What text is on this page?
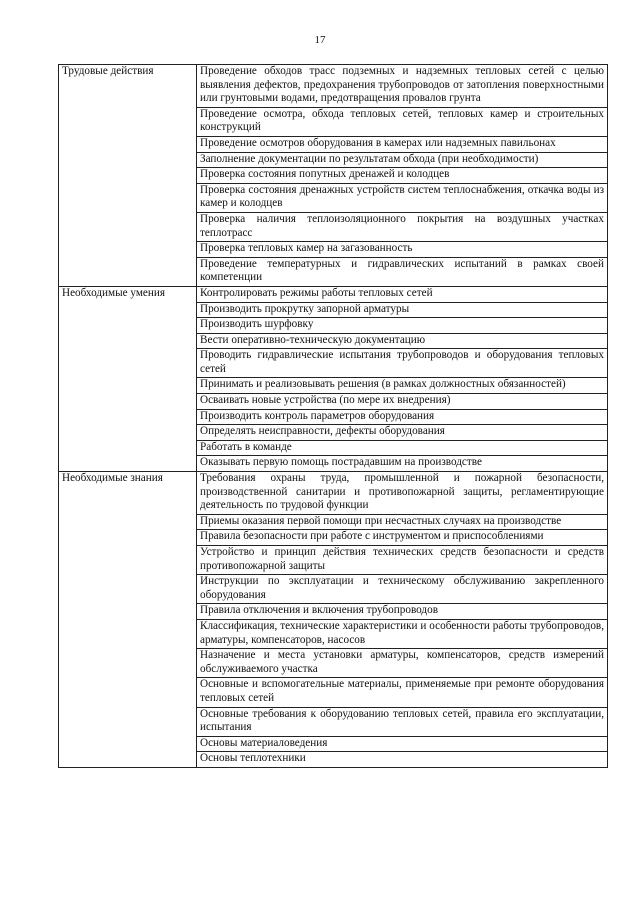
17
Трудовые действия	Проведение обходов трасс подземных и надземных тепловых сетей с целью выявления дефектов, предохранения трубопроводов от затопления поверхностными или грунтовыми водами, предотвращения провалов грунта
	Проведение осмотра, обхода тепловых сетей, тепловых камер и строительных конструкций
	Проведение осмотров оборудования в камерах или надземных павильонах
	Заполнение документации по результатам обхода (при необходимости)
	Проверка состояния попутных дренажей и колодцев
	Проверка состояния дренажных устройств систем теплоснабжения, откачка воды из камер и колодцев
	Проверка наличия теплоизоляционного покрытия на воздушных участках теплотрасс
	Проверка тепловых камер на загазованность
	Проведение температурных и гидравлических испытаний в рамках своей компетенции
Необходимые умения	Контролировать режимы работы тепловых сетей
	Производить прокрутку запорной арматуры
	Производить шурфовку
	Вести оперативно-техническую документацию
	Проводить гидравлические испытания трубопроводов и оборудования тепловых сетей
	Принимать и реализовывать решения (в рамках должностных обязанностей)
	Осваивать новые устройства (по мере их внедрения)
	Производить контроль параметров оборудования
	Определять неисправности, дефекты оборудования
	Работать в команде
	Оказывать первую помощь пострадавшим на производстве
Необходимые знания	Требования охраны труда, промышленной и пожарной безопасности, производственной санитарии и противопожарной защиты, регламентирующие деятельность по трудовой функции
	Приемы оказания первой помощи при несчастных случаях на производстве
	Правила безопасности при работе с инструментом и приспособлениями
	Устройство и принцип действия технических средств безопасности и средств противопожарной защиты
	Инструкции по эксплуатации и техническому обслуживанию закрепленного оборудования
	Правила отключения и включения трубопроводов
	Классификация, технические характеристики и особенности работы трубопроводов, арматуры, компенсаторов, насосов
	Назначение и места установки арматуры, компенсаторов, средств измерений обслуживаемого участка
	Основные и вспомогательные материалы, применяемые при ремонте оборудования тепловых сетей
	Основные требования к оборудованию тепловых сетей, правила его эксплуатации, испытания
	Основы материаловедения
	Основы теплотехники
